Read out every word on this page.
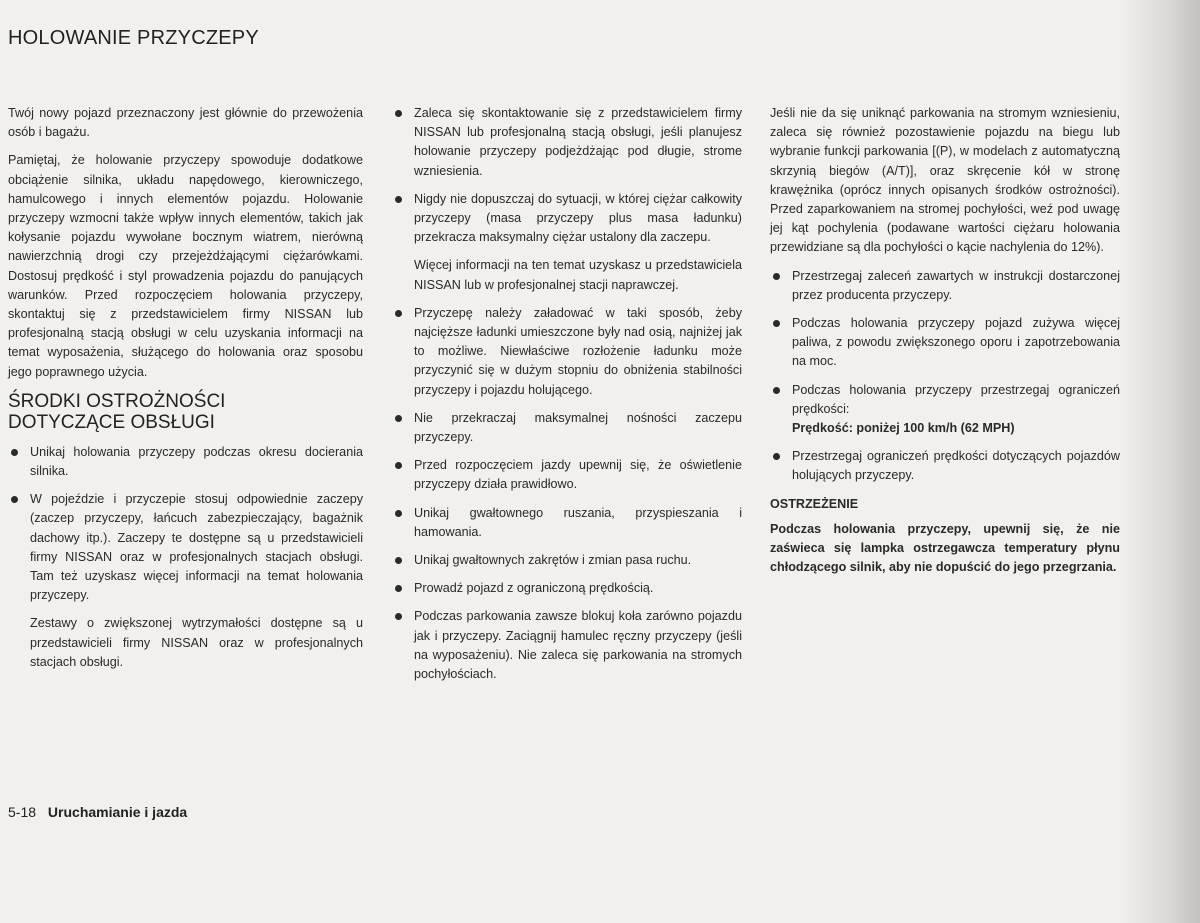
HOLOWANIE PRZYCZEPY

Twój nowy pojazd przeznaczony jest głównie do przewożenia osób i bagażu.

Pamiętaj, że holowanie przyczepy spowoduje dodatkowe obciążenie silnika, układu napędowego, kierowniczego, hamulcowego i innych elementów pojazdu. Holowanie przyczepy wzmocni także wpływ innych elementów, takich jak kołysanie pojazdu wywołane bocznym wiatrem, nierówną nawierzchnią drogi czy przejeżdżającymi ciężarówkami. Dostosuj prędkość i styl prowadzenia pojazdu do panujących warunków. Przed rozpoczęciem holowania przyczepy, skontaktuj się z przedstawicielem firmy NISSAN lub profesjonalną stacją obsługi w celu uzyskania informacji na temat wyposażenia, służącego do holowania oraz sposobu jego poprawnego użycia.

ŚRODKI OSTROŻNOŚCI
DOTYCZĄCE OBSŁUGI
Unikaj holowania przyczepy podczas okresu docierania silnika.
W pojeździe i przyczepie stosuj odpowiednie zaczepy (zaczep przyczepy, łańcuch zabezpieczający, bagażnik dachowy itp.). Zaczepy te dostępne są u przedstawicieli firmy NISSAN oraz w profesjonalnych stacjach obsługi. Tam też uzyskasz więcej informacji na temat holowania przyczepy.

Zestawy o zwiększonej wytrzymałości dostępne są u przedstawicieli firmy NISSAN oraz w profesjonalnych stacjach obsługi.

Zaleca się skontaktowanie się z przedstawicielem firmy NISSAN lub profesjonalną stacją obsługi, jeśli planujesz holowanie przyczepy podjeżdżając pod długie, strome wzniesienia.
Nigdy nie dopuszczaj do sytuacji, w której ciężar całkowity przyczepy (masa przyczepy plus masa ładunku) przekracza maksymalny ciężar ustalony dla zaczepu.

Więcej informacji na ten temat uzyskasz u przedstawiciela NISSAN lub w profesjonalnej stacji naprawczej.

Przyczepę należy załadować w taki sposób, żeby najcięższe ładunki umieszczone były nad osią, najniżej jak to możliwe. Niewłaściwe rozłożenie ładunku może przyczynić się w dużym stopniu do obniżenia stabilności przyczepy i pojazdu holującego.
Nie przekraczaj maksymalnej nośności zaczepu przyczepy.
Przed rozpoczęciem jazdy upewnij się, że oświetlenie przyczepy działa prawidłowo.
Unikaj gwałtownego ruszania, przyspieszania i hamowania.
Unikaj gwałtownych zakrętów i zmian pasa ruchu.
Prowadź pojazd z ograniczoną prędkością.
Podczas parkowania zawsze blokuj koła zarówno pojazdu jak i przyczepy. Zaciągnij hamulec ręczny przyczepy (jeśli na wyposażeniu). Nie zaleca się parkowania na stromych pochyłościach.

Jeśli nie da się uniknąć parkowania na stromym wzniesieniu, zaleca się również pozostawienie pojazdu na biegu lub wybranie funkcji parkowania [(P), w modelach z automatyczną skrzynią biegów (A/T)], oraz skręcenie kół w stronę krawężnika (oprócz innych opisanych środków ostrożności). Przed zaparkowaniem na stromej pochyłości, weź pod uwagę jej kąt pochylenia (podawane wartości ciężaru holowania przewidziane są dla pochyłości o kącie nachylenia do 12%).

Przestrzegaj zaleceń zawartych w instrukcji dostarczonej przez producenta przyczepy.
Podczas holowania przyczepy pojazd zużywa więcej paliwa, z powodu zwiększonego oporu i zapotrzebowania na moc.
Podczas holowania przyczepy przestrzegaj ograniczeń prędkości:
Prędkość: poniżej 100 km/h (62 MPH)
Przestrzegaj ograniczeń prędkości dotyczących pojazdów holujących przyczepy.
OSTRZEŻENIE
Podczas holowania przyczepy, upewnij się, że nie zaświeca się lampka ostrzegawcza temperatury płynu chłodzącego silnik, aby nie dopuścić do jego przegrzania.
5-18 Uruchamianie i jazda
